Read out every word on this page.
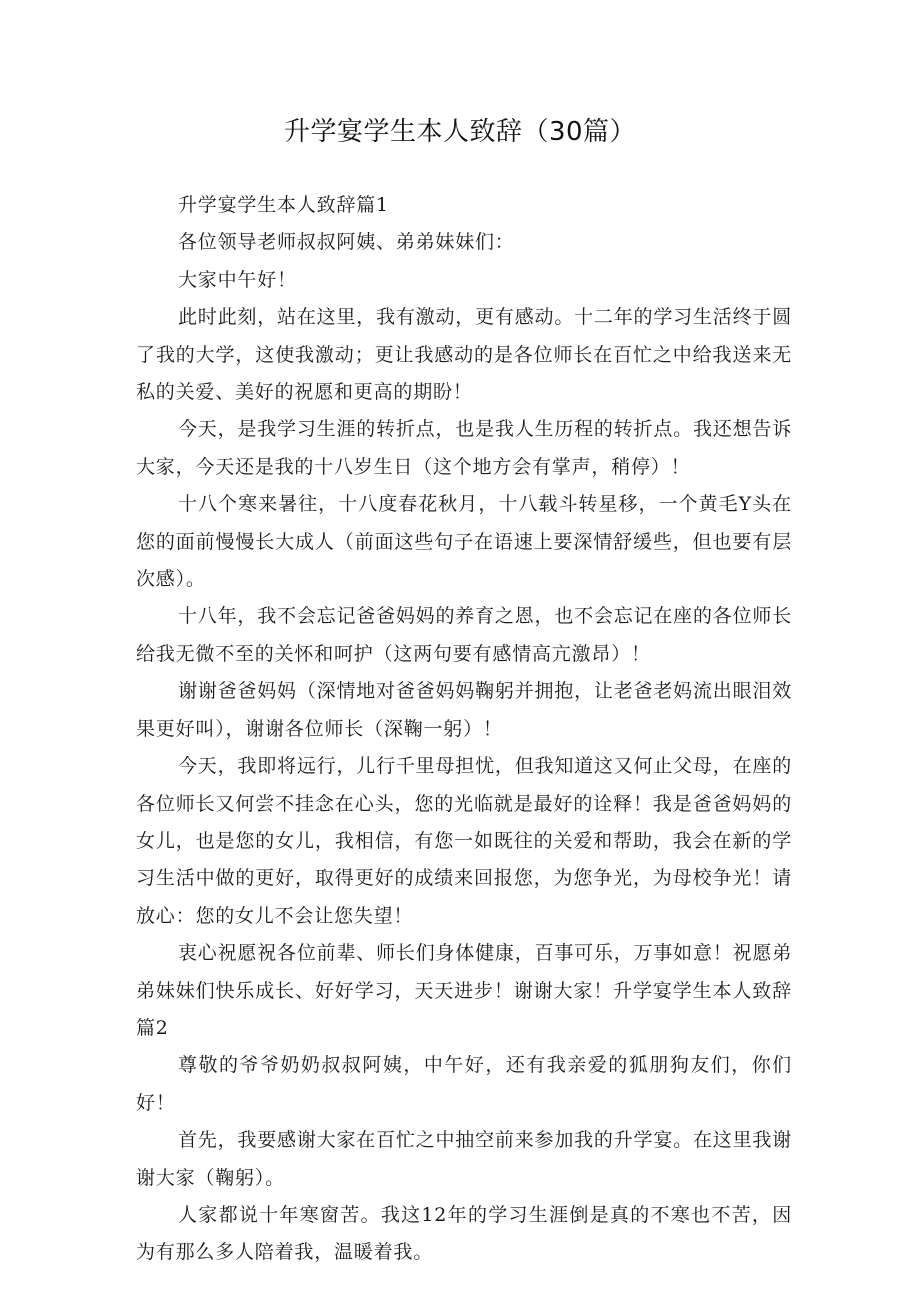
升学宴学生本人致辞（30篇）

升学宴学生本人致辞篇1

各位领导老师叔叔阿姨、弟弟妹妹们：

大家中午好！

此时此刻，站在这里，我有激动，更有感动。十二年的学习生活终于圆了我的大学，这使我激动；更让我感动的是各位师长在百忙之中给我送来无私的关爱、美好的祝愿和更高的期盼！

今天，是我学习生涯的转折点，也是我人生历程的转折点。我还想告诉大家，今天还是我的十八岁生日（这个地方会有掌声，稍停）！

十八个寒来暑往，十八度春花秋月，十八载斗转星移，一个黄毛Y头在您的面前慢慢长大成人（前面这些句子在语速上要深情舒缓些，但也要有层次感）。

十八年，我不会忘记爸爸妈妈的养育之恩，也不会忘记在座的各位师长给我无微不至的关怀和呵护（这两句要有感情高亢激昂）！

谢谢爸爸妈妈（深情地对爸爸妈妈鞠躬并拥抱，让老爸老妈流出眼泪效果更好叫），谢谢各位师长（深鞠一躬）！

今天，我即将远行，儿行千里母担忧，但我知道这又何止父母，在座的各位师长又何尝不挂念在心头，您的光临就是最好的诠释！我是爸爸妈妈的女儿，也是您的女儿，我相信，有您一如既往的关爱和帮助，我会在新的学习生活中做的更好，取得更好的成绩来回报您，为您争光，为母校争光！请放心：您的女儿不会让您失望！

衷心祝愿祝各位前辈、师长们身体健康，百事可乐，万事如意！祝愿弟弟妹妹们快乐成长、好好学习，天天进步！谢谢大家！升学宴学生本人致辞篇2

尊敬的爷爷奶奶叔叔阿姨，中午好，还有我亲爱的狐朋狗友们，你们好！

首先，我要感谢大家在百忙之中抽空前来参加我的升学宴。在这里我谢谢大家（鞠躬）。

人家都说十年寒窗苦。我这12年的学习生涯倒是真的不寒也不苦，因为有那么多人陪着我，温暖着我。
